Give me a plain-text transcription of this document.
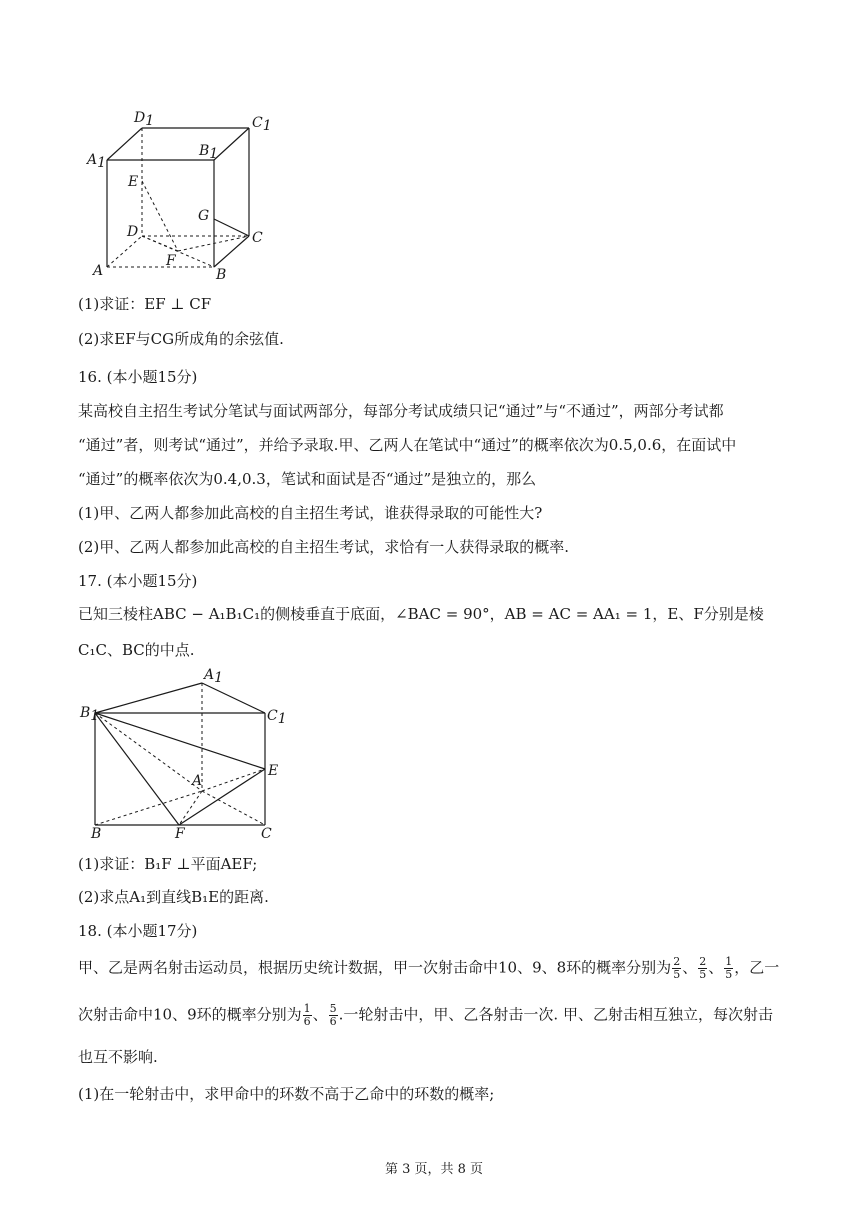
D1	C1
A1
B1
E
G
D	C
F
A	B
(1)求证：EF ⊥ CF
(2)求EF与CG所成角的余弦值.
16. (本小题15分)
某高校自主招生考试分笔试与面试两部分，每部分考试成绩只记“通过”与“不通过”，两部分考试都
“通过”者，则考试“通过”，并给予录取.甲、乙两人在笔试中“通过”的概率依次为0.5,0.6，在面试中
“通过”的概率依次为0.4,0.3，笔试和面试是否“通过”是独立的，那么
(1)甲、乙两人都参加此高校的自主招生考试，谁获得录取的可能性大?
(2)甲、乙两人都参加此高校的自主招生考试，求恰有一人获得录取的概率.
17. (本小题15分)
已知三棱柱ABC − A₁B₁C₁的侧棱垂直于底面，∠BAC = 90°，AB = AC = AA₁ = 1，E、F分别是棱
C₁C、BC的中点.
A1
B1	C1
E
A
B	F	C
(1)求证：B₁F ⊥平面AEF;
(2)求点A₁到直线B₁E的距离.
18. (本小题17分)
甲、乙是两名射击运动员，根据历史统计数据，甲一次射击命中10、9、8环的概率分别为 $\frac{2}{5}$ 、 $\frac{2}{5}$ 、 $\frac{1}{5}$ ，乙一
次射击命中10、9环的概率分别为 $\frac{1}{6}$ 、 $\frac{5}{6}$ .一轮射击中，甲、乙各射击一次. 甲、乙射击相互独立，每次射击
也互不影响.
(1)在一轮射击中，求甲命中的环数不高于乙命中的环数的概率;
第 3 页，共 8 页
